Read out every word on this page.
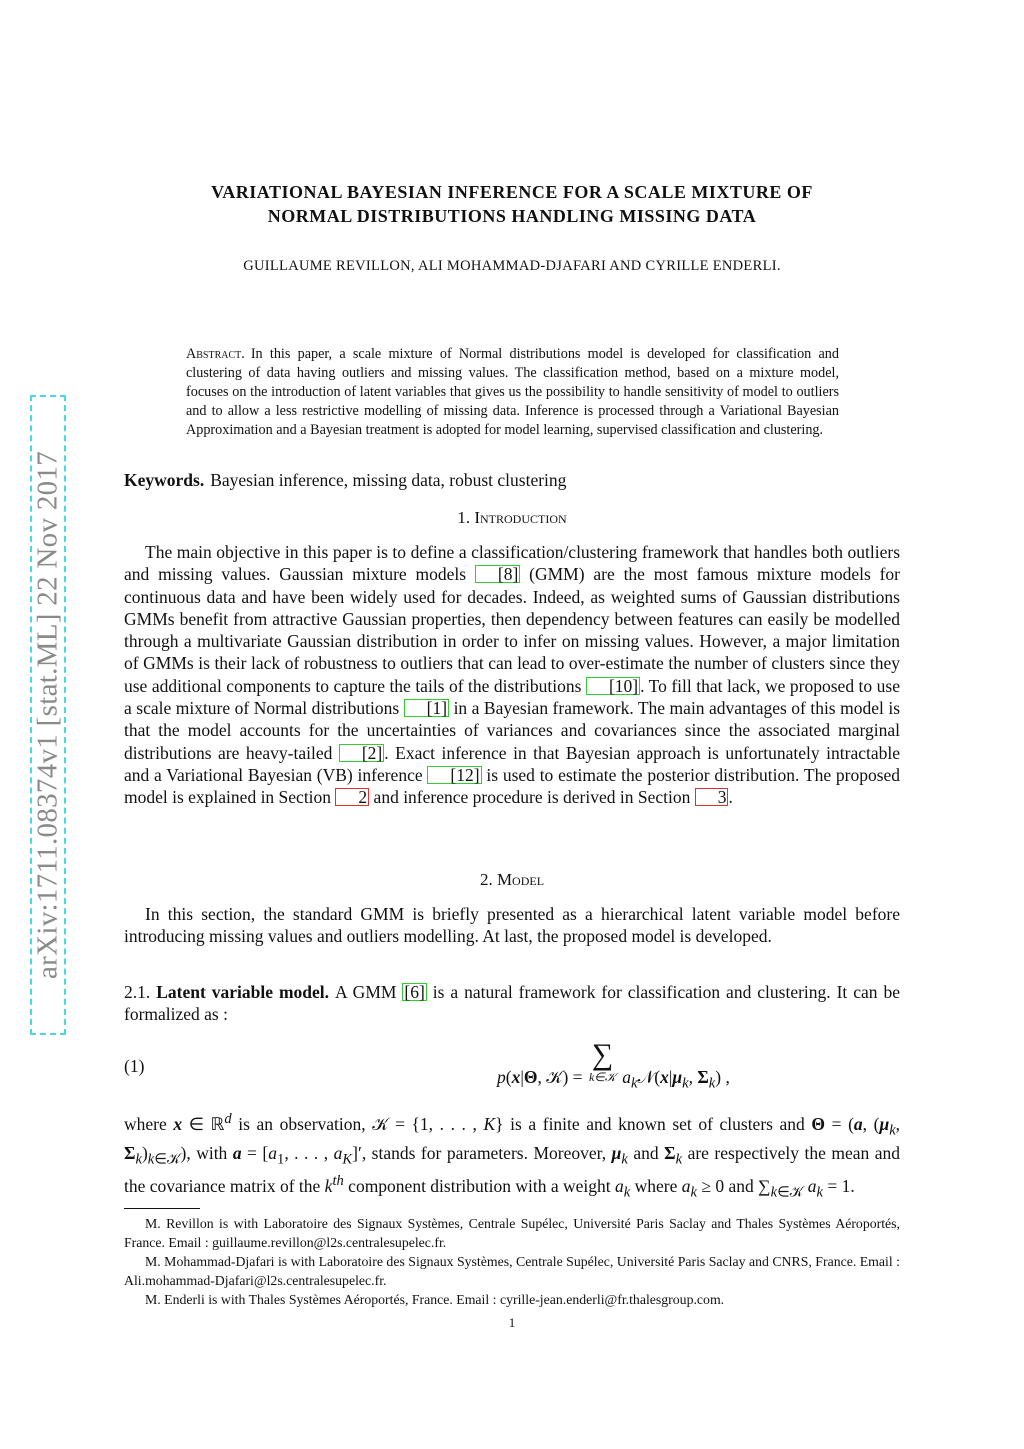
arXiv:1711.08374v1 [stat.ML] 22 Nov 2017
VARIATIONAL BAYESIAN INFERENCE FOR A SCALE MIXTURE OF
NORMAL DISTRIBUTIONS HANDLING MISSING DATA
GUILLAUME REVILLON, ALI MOHAMMAD-DJAFARI AND CYRILLE ENDERLI.
Abstract. In this paper, a scale mixture of Normal distributions model is developed for classification and clustering of data having outliers and missing values. The classification method, based on a mixture model, focuses on the introduction of latent variables that gives us the possibility to handle sensitivity of model to outliers and to allow a less restrictive modelling of missing data. Inference is processed through a Variational Bayesian Approximation and a Bayesian treatment is adopted for model learning, supervised classification and clustering.
Keywords. Bayesian inference, missing data, robust clustering
1. Introduction
The main objective in this paper is to define a classification/clustering framework that handles both outliers and missing values. Gaussian mixture models [8] (GMM) are the most famous mixture models for continuous data and have been widely used for decades. Indeed, as weighted sums of Gaussian distributions GMMs benefit from attractive Gaussian properties, then dependency between features can easily be modelled through a multivariate Gaussian distribution in order to infer on missing values. However, a major limitation of GMMs is their lack of robustness to outliers that can lead to over-estimate the number of clusters since they use additional components to capture the tails of the distributions [10] . To fill that lack, we proposed to use a scale mixture of Normal distributions [1] in a Bayesian framework. The main advantages of this model is that the model accounts for the uncertainties of variances and covariances since the associated marginal distributions are heavy-tailed [2] . Exact inference in that Bayesian approach is unfortunately intractable and a Variational Bayesian (VB) inference [12] is used to estimate the posterior distribution. The proposed model is explained in Section 2 and inference procedure is derived in Section 3 .
2. Model
In this section, the standard GMM is briefly presented as a hierarchical latent variable model before introducing missing values and outliers modelling. At last, the proposed model is developed.
2.1. Latent variable model. A GMM [6] is a natural framework for classification and clustering. It can be formalized as :
(1)
p(x|Θ, 𝒦) =
∑
k∈𝒦 $a_k𝒩(x|\mu_k$, $\Sigma_k$) ,
where x ∈ ℝ$^d$ is an observation, 𝒦 = {1, . . . , K} is a finite and known set of clusters and Θ = (a, ($\mu_k$, $\Sigma_k)_{k\in 𝒦}$), with $a = [a_1$, . . . , $a_K]'$, stands for parameters. Moreover, $\mu_k$ and $\Sigma_k$ are respectively the mean and the covariance matrix of the $k^{th}$ component distribution with a weight $a_k$ where $a_k \ge 0$ and $\sum_{k\in 𝒦}$ $a_k = 1$.
M. Revillon is with Laboratoire des Signaux Systèmes, Centrale Supélec, Université Paris Saclay and Thales Systèmes Aéroportés, France. Email : guillaume.revillon@l2s.centralesupelec.fr.
M. Mohammad-Djafari is with Laboratoire des Signaux Systèmes, Centrale Supélec, Université Paris Saclay and CNRS, France. Email : Ali.mohammad-Djafari@l2s.centralesupelec.fr.
M. Enderli is with Thales Systèmes Aéroportés, France. Email : cyrille-jean.enderli@fr.thalesgroup.com.
1
